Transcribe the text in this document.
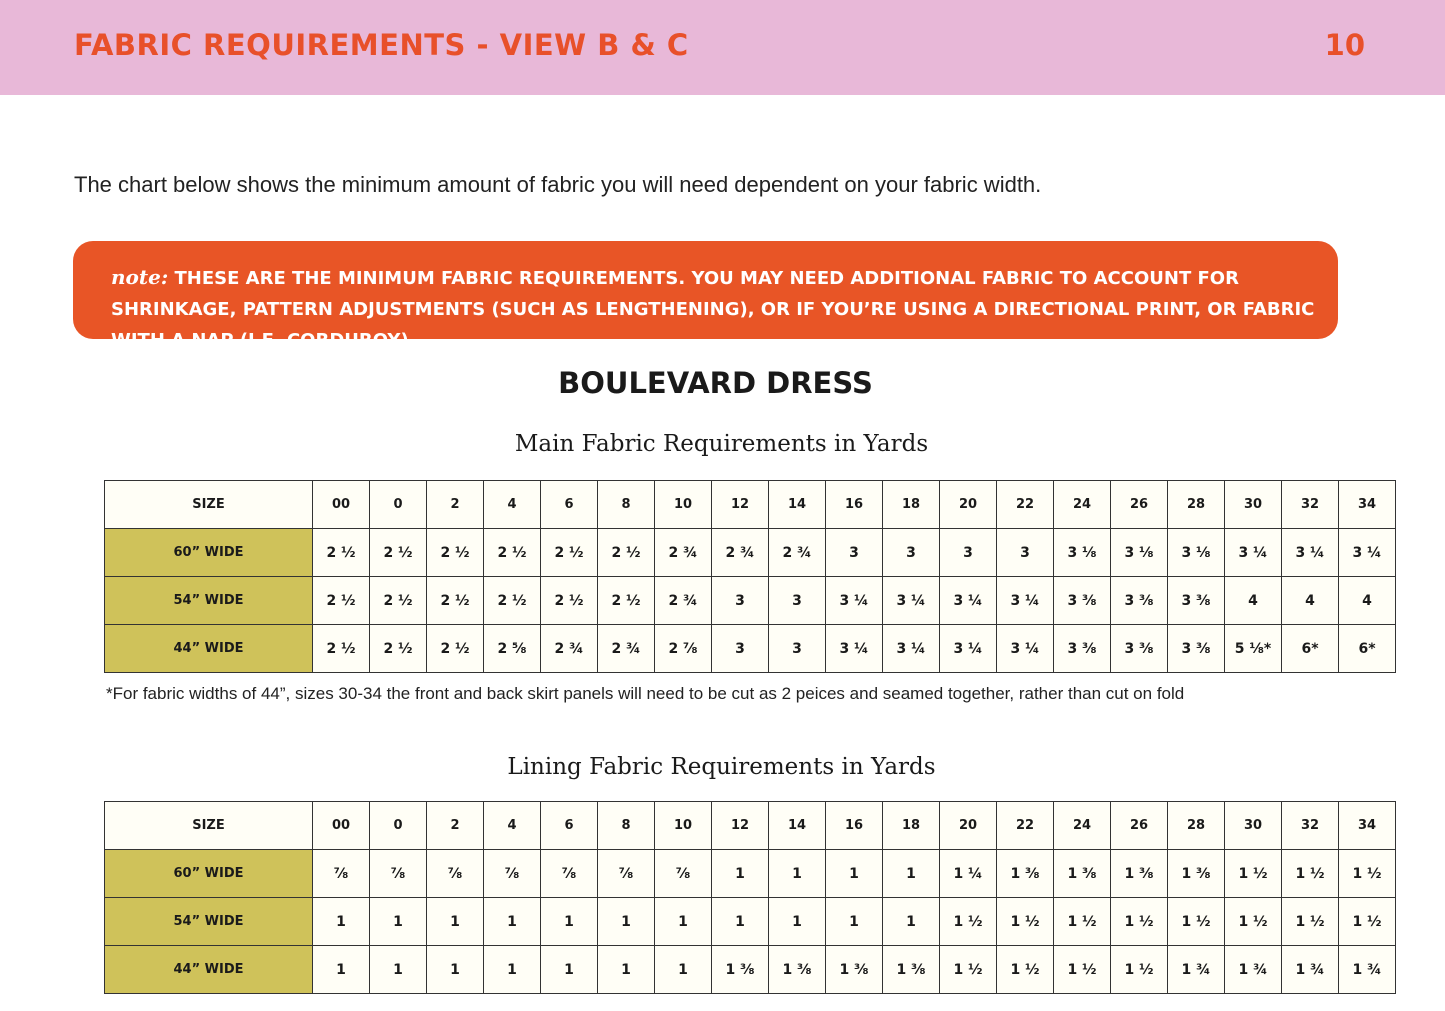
FABRIC REQUIREMENTS - VIEW B & C	10
The chart below shows the minimum amount of fabric you will need dependent on your fabric width.
note: THESE ARE THE MINIMUM FABRIC REQUIREMENTS. YOU MAY NEED ADDITIONAL FABRIC TO ACCOUNT FOR SHRINKAGE, PATTERN ADJUSTMENTS (SUCH AS LENGTHENING), OR IF YOU’RE USING A DIRECTIONAL PRINT, OR FABRIC WITH A NAP (I.E. CORDUROY)
BOULEVARD DRESS
Main Fabric Requirements in Yards
SIZE	00	0	2	4	6	8	10	12	14	16	18	20	22	24	26	28	30	32	34
60” WIDE	2 ½	2 ½	2 ½	2 ½	2 ½	2 ½	2 ¾	2 ¾	2 ¾	3	3	3	3	3 ⅛	3 ⅛	3 ⅛	3 ¼	3 ¼	3 ¼
54” WIDE	2 ½	2 ½	2 ½	2 ½	2 ½	2 ½	2 ¾	3	3	3 ¼	3 ¼	3 ¼	3 ¼	3 ⅜	3 ⅜	3 ⅜	4	4	4
44” WIDE	2 ½	2 ½	2 ½	2 ⅝	2 ¾	2 ¾	2 ⅞	3	3	3 ¼	3 ¼	3 ¼	3 ¼	3 ⅜	3 ⅜	3 ⅜	5 ⅛*	6*	6*
*For fabric widths of 44”, sizes 30-34 the front and back skirt panels will need to be cut as 2 peices and seamed together, rather than cut on fold
Lining Fabric Requirements in Yards
SIZE	00	0	2	4	6	8	10	12	14	16	18	20	22	24	26	28	30	32	34
60” WIDE	⅞	⅞	⅞	⅞	⅞	⅞	⅞	1	1	1	1	1 ¼	1 ⅜	1 ⅜	1 ⅜	1 ⅜	1 ½	1 ½	1 ½
54” WIDE	1	1	1	1	1	1	1	1	1	1	1	1 ½	1 ½	1 ½	1 ½	1 ½	1 ½	1 ½	1 ½
44” WIDE	1	1	1	1	1	1	1	1 ⅜	1 ⅜	1 ⅜	1 ⅜	1 ½	1 ½	1 ½	1 ½	1 ¾	1 ¾	1 ¾	1 ¾
